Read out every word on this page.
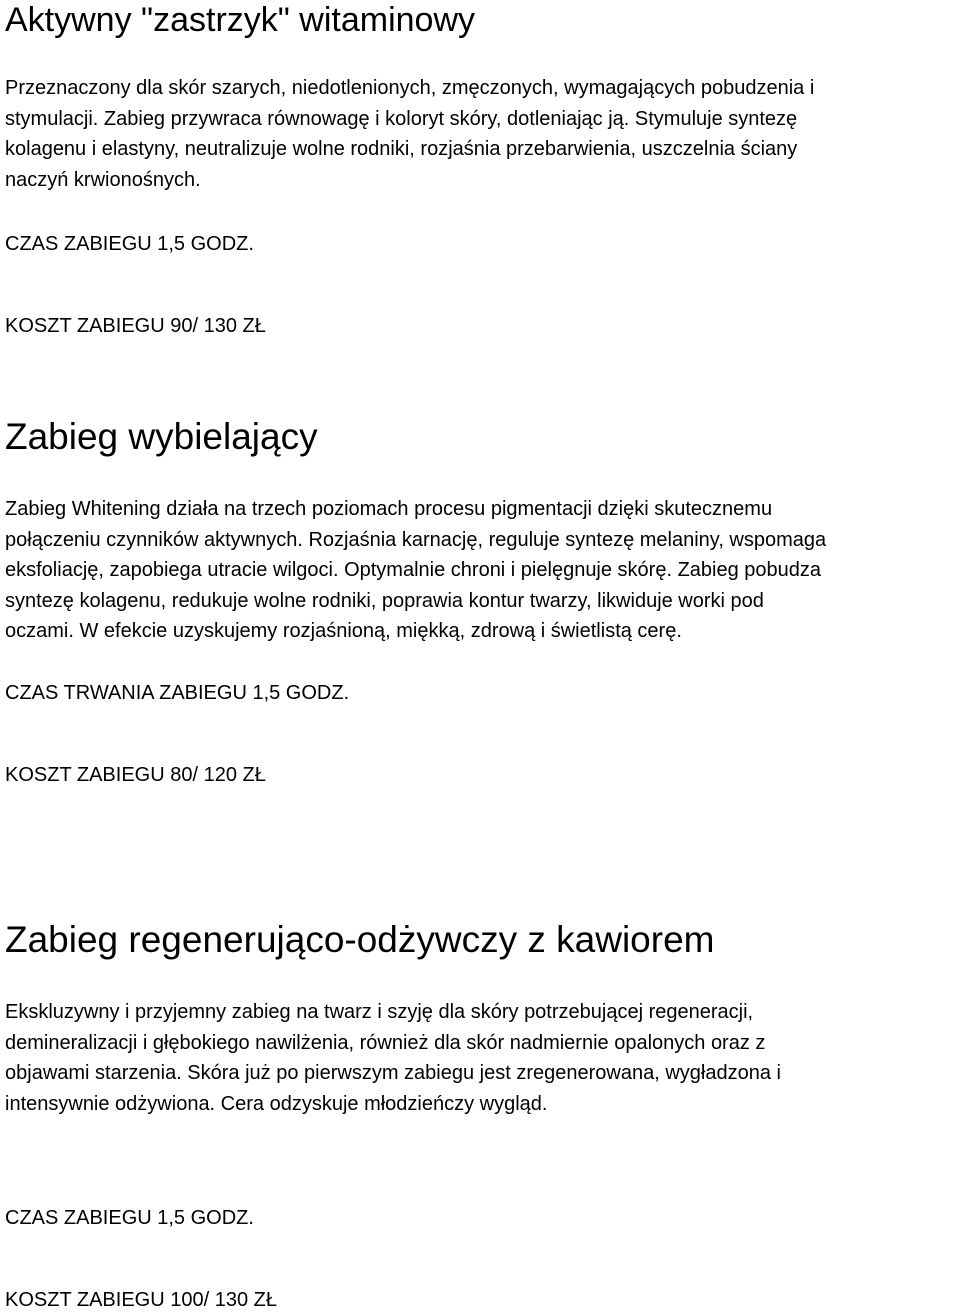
Aktywny "zastrzyk" witaminowy
Przeznaczony dla skór szarych, niedotlenionych, zmęczonych, wymagających pobudzenia i
stymulacji. Zabieg przywraca równowagę i koloryt skóry, dotleniając ją. Stymuluje syntezę
kolagenu i elastyny, neutralizuje wolne rodniki, rozjaśnia przebarwienia, uszczelnia ściany
naczyń krwionośnych.
CZAS ZABIEGU 1,5 GODZ.
KOSZT ZABIEGU 90/ 130 ZŁ
Zabieg wybielający
Zabieg Whitening działa na trzech poziomach procesu pigmentacji dzięki skutecznemu
połączeniu czynników aktywnych. Rozjaśnia karnację, reguluje syntezę melaniny, wspomaga
eksfoliację, zapobiega utracie wilgoci. Optymalnie chroni i pielęgnuje skórę. Zabieg pobudza
syntezę kolagenu, redukuje wolne rodniki, poprawia kontur twarzy, likwiduje worki pod
oczami. W efekcie uzyskujemy rozjaśnioną, miękką, zdrową i świetlistą cerę.
CZAS TRWANIA ZABIEGU 1,5 GODZ.
KOSZT ZABIEGU 80/ 120 ZŁ
Zabieg regenerująco-odżywczy z kawiorem
Ekskluzywny i przyjemny zabieg na twarz i szyję dla skóry potrzebującej regeneracji,
demineralizacji i głębokiego nawilżenia, również dla skór nadmiernie opalonych oraz z
objawami starzenia. Skóra już po pierwszym zabiegu jest zregenerowana, wygładzona i
intensywnie odżywiona. Cera odzyskuje młodzieńczy wygląd.
CZAS ZABIEGU 1,5 GODZ.
KOSZT ZABIEGU 100/ 130 ZŁ
